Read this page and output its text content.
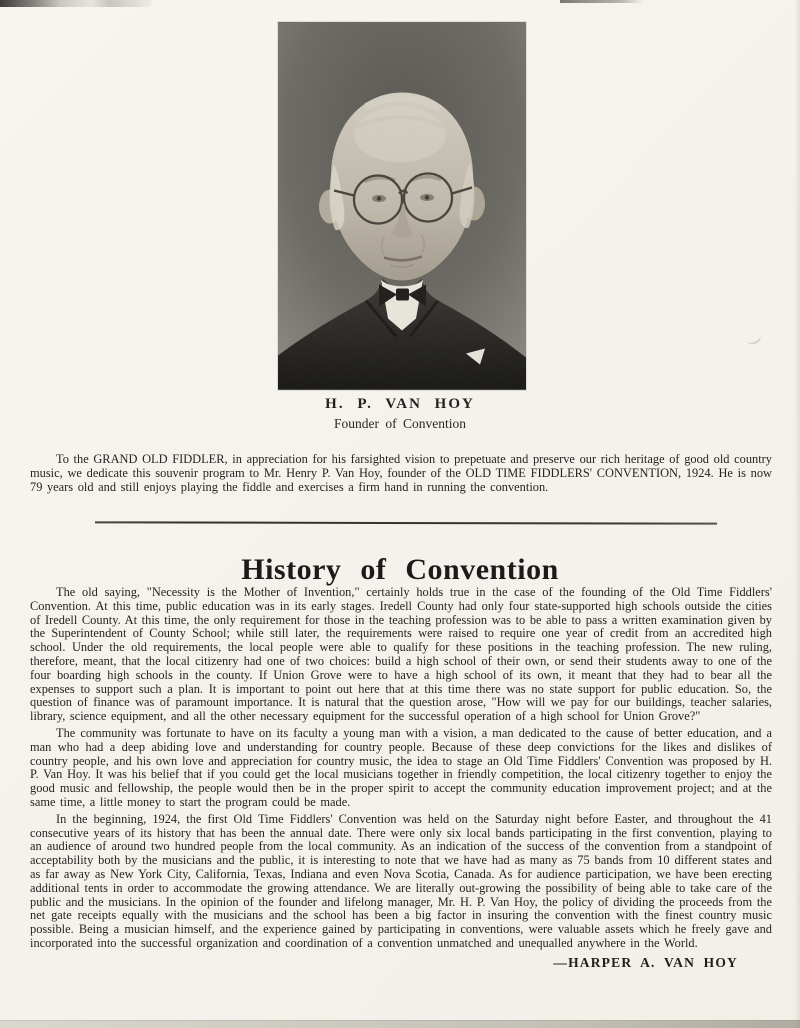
H. P. VAN HOY
Founder of Convention

To the GRAND OLD FIDDLER, in appreciation for his farsighted vision to prepetuate and preserve our rich heritage of good old country music, we dedicate this souvenir program to Mr. Henry P. Van Hoy, founder of the OLD TIME FIDDLERS' CONVENTION, 1924. He is now 79 years old and still enjoys playing the fiddle and exercises a firm hand in running the convention.

History of Convention

The old saying, "Necessity is the Mother of Invention," certainly holds true in the case of the founding of the Old Time Fiddlers' Convention. At this time, public education was in its early stages. Iredell County had only four state-supported high schools outside the cities of Iredell County. At this time, the only requirement for those in the teaching profession was to be able to pass a written examination given by the Superintendent of County School; while still later, the requirements were raised to require one year of credit from an accredited high school. Under the old requirements, the local people were able to qualify for these positions in the teaching profession. The new ruling, therefore, meant, that the local citizenry had one of two choices: build a high school of their own, or send their students away to one of the four boarding high schools in the county. If Union Grove were to have a high school of its own, it meant that they had to bear all the expenses to support such a plan. It is important to point out here that at this time there was no state support for public education. So, the question of finance was of paramount importance. It is natural that the question arose, "How will we pay for our buildings, teacher salaries, library, science equipment, and all the other necessary equipment for the successful operation of a high school for Union Grove?"

The community was fortunate to have on its faculty a young man with a vision, a man dedicated to the cause of better education, and a man who had a deep abiding love and understanding for country people. Because of these deep convictions for the likes and dislikes of country people, and his own love and appreciation for country music, the idea to stage an Old Time Fiddlers' Convention was proposed by H. P. Van Hoy. It was his belief that if you could get the local musicians together in friendly competition, the local citizenry together to enjoy the good music and fellowship, the people would then be in the proper spirit to accept the community education improvement project; and at the same time, a little money to start the program could be made.

In the beginning, 1924, the first Old Time Fiddlers' Convention was held on the Saturday night before Easter, and throughout the 41 consecutive years of its history that has been the annual date. There were only six local bands participating in the first convention, playing to an audience of around two hundred people from the local community. As an indication of the success of the convention from a standpoint of acceptability both by the musicians and the public, it is interesting to note that we have had as many as 75 bands from 10 different states and as far away as New York City, California, Texas, Indiana and even Nova Scotia, Canada. As for audience participation, we have been erecting additional tents in order to accommodate the growing attendance. We are literally out-growing the possibility of being able to take care of the public and the musicians. In the opinion of the founder and lifelong manager, Mr. H. P. Van Hoy, the policy of dividing the proceeds from the net gate receipts equally with the musicians and the school has been a big factor in insuring the convention with the finest country music possible. Being a musician himself, and the experience gained by participating in conventions, were valuable assets which he freely gave and incorporated into the successful organization and coordination of a convention unmatched and unequalled anywhere in the World.

—HARPER A. VAN HOY
